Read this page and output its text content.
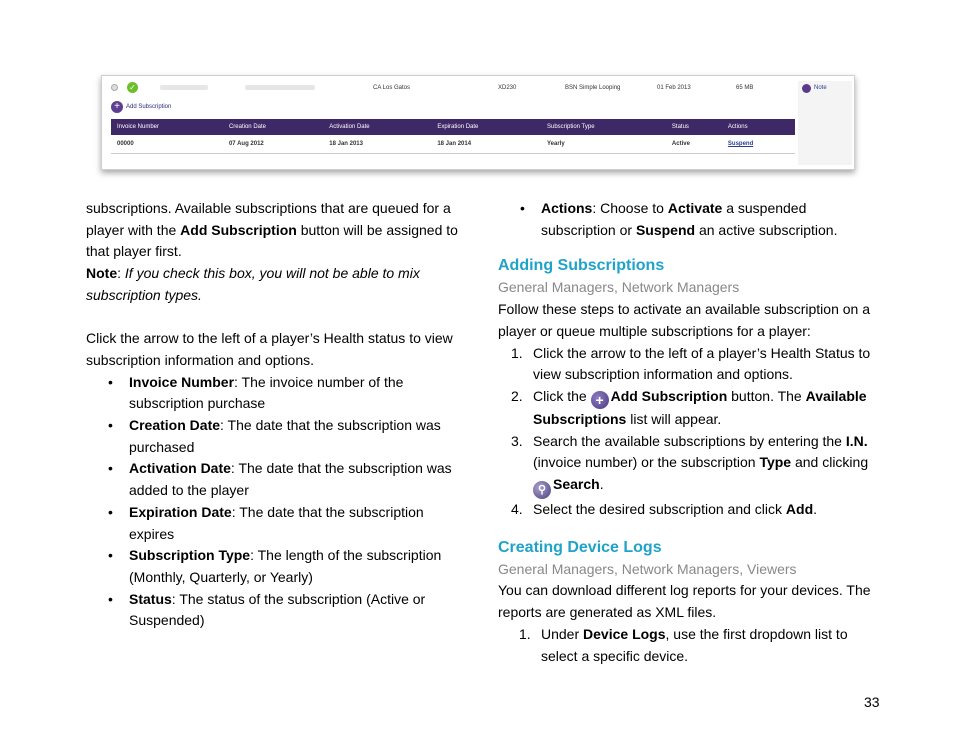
✓	CA Los Gatos	XD230	BSN Simple Looping	01 Feb 2013	65 MB	Note
+	Add Subscription
Invoice Number	Creation Date	Activation Date	Expiration Date	Subscription Type	Status	Actions
00000	07 Aug 2012	18 Jan 2013	18 Jan 2014	Yearly	Active	Suspend

subscriptions. Available subscriptions that are queued for a player with the Add Subscription button will be assigned to that player first.

Note: If you check this box, you will not be able to mix subscription types.

Click the arrow to the left of a player’s Health status to view subscription information and options.

• Invoice Number: The invoice number of the subscription purchase
• Creation Date: The date that the subscription was purchased
• Activation Date: The date that the subscription was added to the player
• Expiration Date: The date that the subscription expires
• Subscription Type: The length of the subscription (Monthly, Quarterly, or Yearly)
• Status: The status of the subscription (Active or Suspended)
• Actions: Choose to Activate a suspended subscription or Suspend an active subscription.
Adding Subscriptions
General Managers, Network Managers

Follow these steps to activate an available subscription on a player or queue multiple subscriptions for a player:

1. Click the arrow to the left of a player’s Health Status to view subscription information and options.
2. Click the + Add Subscription button. The Available Subscriptions list will appear.
3. Search the available subscriptions by entering the I.N. (invoice number) or the subscription Type and clicking ⚲ Search.
4. Select the desired subscription and click Add.
Creating Device Logs
General Managers, Network Managers, Viewers

You can download different log reports for your devices. The reports are generated as XML files.

1. Under Device Logs, use the first dropdown list to select a specific device.
33
